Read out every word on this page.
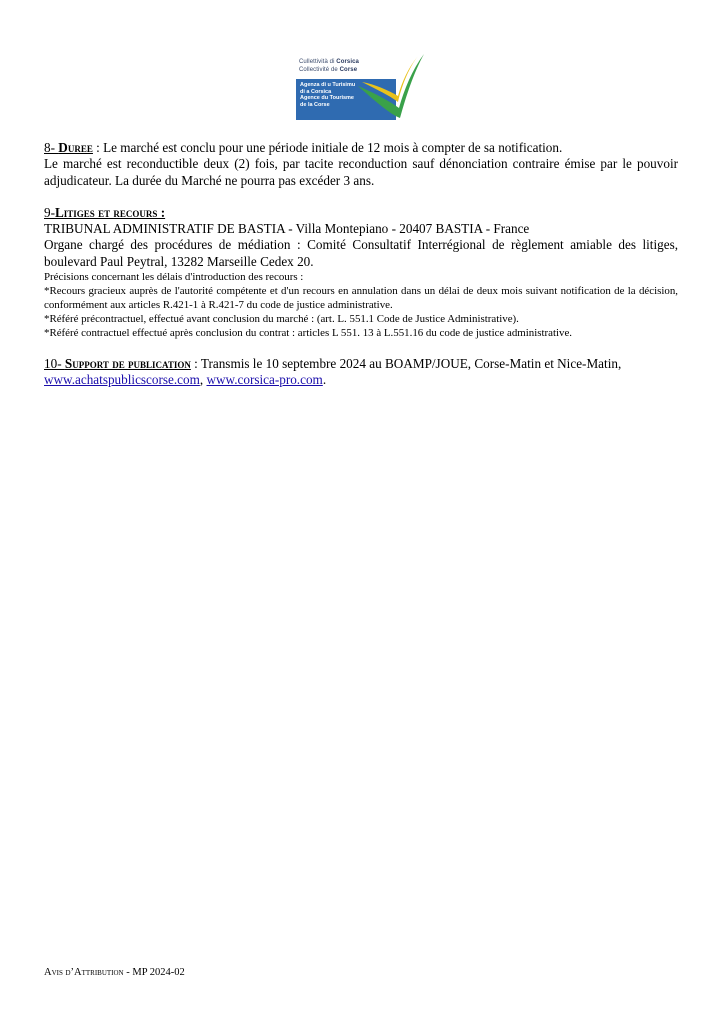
Cullettività di Corsica
Collectivité de Corse
Agenza di u Turisimu
di a Corsica
Agence du Tourisme
de la Corse

8- Duree : Le marché est conclu pour une période initiale de 12 mois à compter de sa notification.

Le marché est reconductible deux (2) fois, par tacite reconduction sauf dénonciation contraire émise par le pouvoir adjudicateur. La durée du Marché ne pourra pas excéder 3 ans.

9-Litiges et recours :

TRIBUNAL ADMINISTRATIF DE BASTIA - Villa Montepiano - 20407 BASTIA - France

Organe chargé des procédures de médiation : Comité Consultatif Interrégional de règlement amiable des litiges, boulevard Paul Peytral, 13282 Marseille Cedex 20.

Précisions concernant les délais d'introduction des recours :

*Recours gracieux auprès de l'autorité compétente et d'un recours en annulation dans un délai de deux mois suivant notification de la décision, conformément aux articles R.421-1 à R.421-7 du code de justice administrative.

*Référé précontractuel, effectué avant conclusion du marché : (art. L. 551.1 Code de Justice Administrative).

*Référé contractuel effectué après conclusion du contrat : articles L 551. 13 à L.551.16 du code de justice administrative.

10- Support de publication : Transmis le 10 septembre 2024 au BOAMP/JOUE, Corse-Matin et Nice-Matin,
www.achatspublicscorse.com, www.corsica-pro.com.

Avis d’Attribution - MP 2024-02
